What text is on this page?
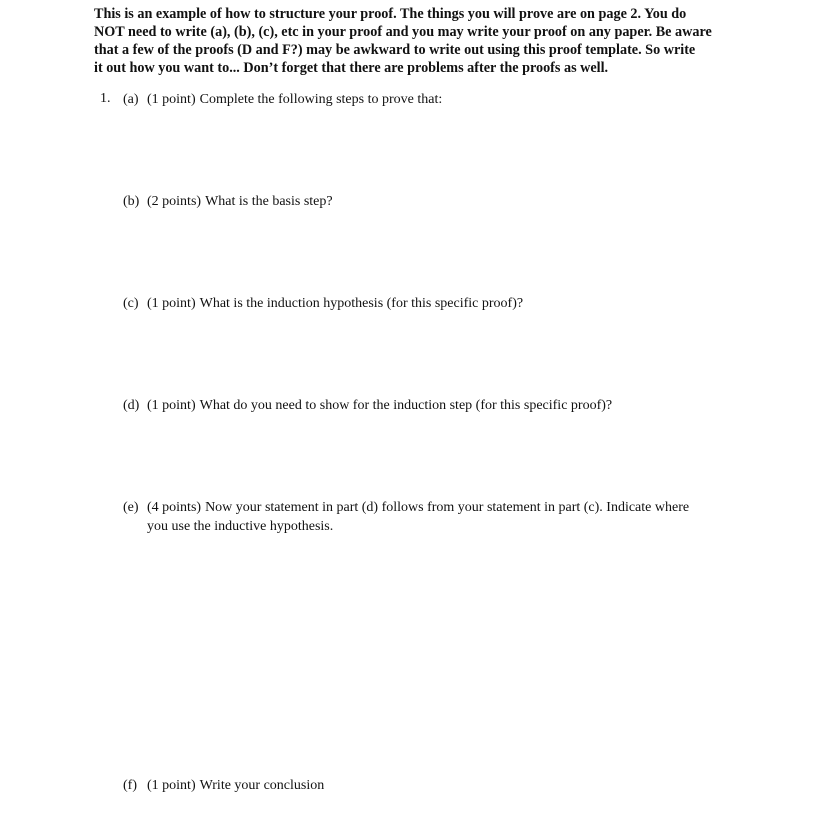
This is an example of how to structure your proof. The things you will prove are on page 2. You do
NOT need to write (a), (b), (c), etc in your proof and you may write your proof on any paper. Be aware
that a few of the proofs (D and F?) may be awkward to write out using this proof template. So write
it out how you want to... Don’t forget that there are problems after the proofs as well.
1. (a) (1 point) Complete the following steps to prove that:
(b) (2 points) What is the basis step?
(c) (1 point) What is the induction hypothesis (for this specific proof)?
(d) (1 point) What do you need to show for the induction step (for this specific proof)?
(e) (4 points) Now your statement in part (d) follows from your statement in part (c). Indicate where
you use the inductive hypothesis.
(f) (1 point) Write your conclusion
